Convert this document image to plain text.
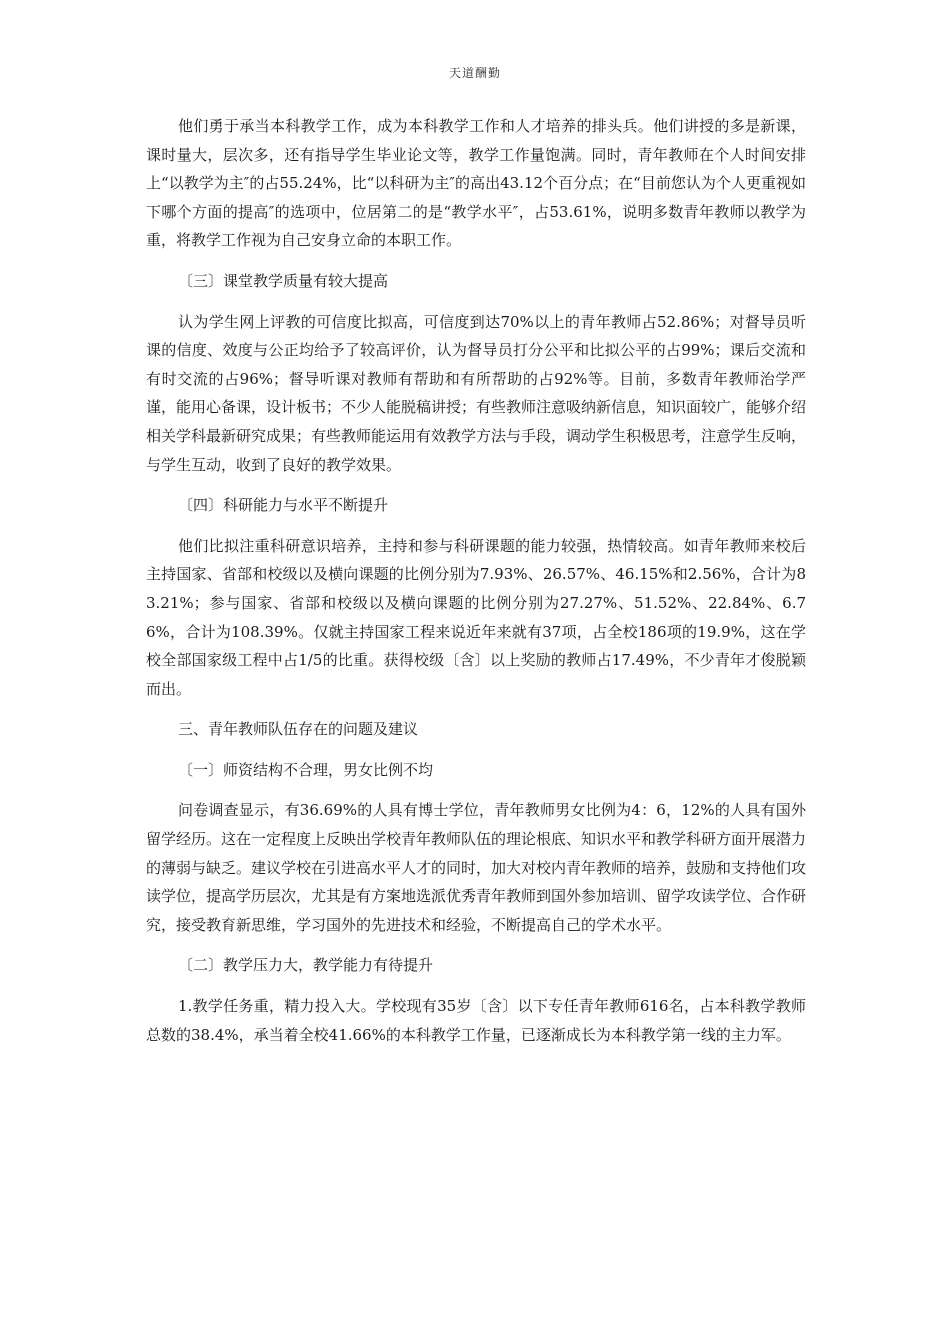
天道酬勤

他们勇于承当本科教学工作，成为本科教学工作和人才培养的排头兵。他们讲授的多是新课，课时量大，层次多，还有指导学生毕业论文等，教学工作量饱满。同时，青年教师在个人时间安排上“以教学为主″的占55.24%，比“以科研为主″的高出43.12个百分点；在“目前您认为个人更重视如下哪个方面的提高″的选项中，位居第二的是“教学水平″，占53.61%，说明多数青年教师以教学为重，将教学工作视为自己安身立命的本职工作。

〔三〕课堂教学质量有较大提高

认为学生网上评教的可信度比拟高，可信度到达70%以上的青年教师占52.86%；对督导员听课的信度、效度与公正均给予了较高评价，认为督导员打分公平和比拟公平的占99%；课后交流和有时交流的占96%；督导听课对教师有帮助和有所帮助的占92%等。目前，多数青年教师治学严谨，能用心备课，设计板书；不少人能脱稿讲授；有些教师注意吸纳新信息，知识面较广，能够介绍相关学科最新研究成果；有些教师能运用有效教学方法与手段，调动学生积极思考，注意学生反响，与学生互动，收到了良好的教学效果。

〔四〕科研能力与水平不断提升

他们比拟注重科研意识培养，主持和参与科研课题的能力较强，热情较高。如青年教师来校后主持国家、省部和校级以及横向课题的比例分别为7.93%、26.57%、46.15%和2.56%，合计为83.21%；参与国家、省部和校级以及横向课题的比例分别为27.27%、51.52%、22.84%、6.76%，合计为108.39%。仅就主持国家工程来说近年来就有37项，占全校186项的19.9%，这在学校全部国家级工程中占1/5的比重。获得校级〔含〕以上奖励的教师占17.49%，不少青年才俊脱颖而出。

三、青年教师队伍存在的问题及建议

〔一〕师资结构不合理，男女比例不均

问卷调查显示，有36.69%的人具有博士学位，青年教师男女比例为4：6，12%的人具有国外留学经历。这在一定程度上反映出学校青年教师队伍的理论根底、知识水平和教学科研方面开展潜力的薄弱与缺乏。建议学校在引进高水平人才的同时，加大对校内青年教师的培养，鼓励和支持他们攻读学位，提高学历层次，尤其是有方案地选派优秀青年教师到国外参加培训、留学攻读学位、合作研究，接受教育新思维，学习国外的先进技术和经验，不断提高自己的学术水平。

〔二〕教学压力大，教学能力有待提升

1.教学任务重，精力投入大。学校现有35岁〔含〕以下专任青年教师616名，占本科教学教师总数的38.4%，承当着全校41.66%的本科教学工作量，已逐渐成长为本科教学第一线的主力军。
